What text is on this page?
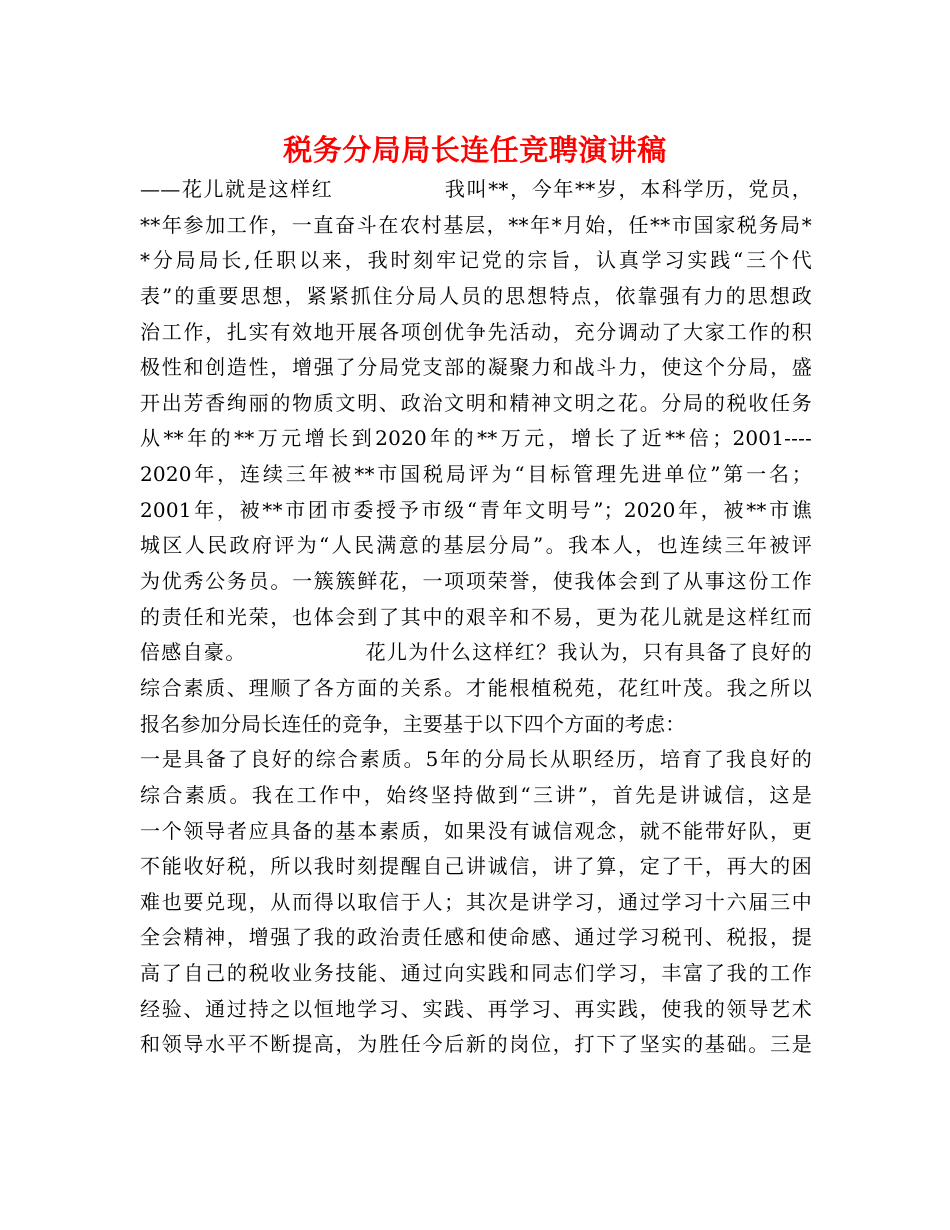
税务分局局长连任竞聘演讲稿
——花儿就是这样红	我叫**，今年**岁，本科学历，党员，
**年参加工作，一直奋斗在农村基层，**年*月始，任**市国家税务局*
*分局局长,任职以来，我时刻牢记党的宗旨，认真学习实践“三个代
表”的重要思想，紧紧抓住分局人员的思想特点，依靠强有力的思想政
治工作，扎实有效地开展各项创优争先活动，充分调动了大家工作的积
极性和创造性，增强了分局党支部的凝聚力和战斗力，使这个分局，盛
开出芳香绚丽的物质文明、政治文明和精神文明之花。分局的税收任务
从**年的**万元增长到2020年的**万元，增长了近**倍；2001----
2020年，连续三年被**市国税局评为“目标管理先进单位”第一名；
2001年，被**市团市委授予市级“青年文明号”；2020年，被**市谯
城区人民政府评为“人民满意的基层分局”。我本人，也连续三年被评
为优秀公务员。一簇簇鲜花，一项项荣誉，使我体会到了从事这份工作
的责任和光荣，也体会到了其中的艰辛和不易，更为花儿就是这样红而
倍感自豪。	花儿为什么这样红？我认为，只有具备了良好的
综合素质、理顺了各方面的关系。才能根植税苑，花红叶茂。我之所以
报名参加分局长连任的竞争，主要基于以下四个方面的考虑：
一是具备了良好的综合素质。5年的分局长从职经历，培育了我良好的
综合素质。我在工作中，始终坚持做到“三讲”，首先是讲诚信，这是
一个领导者应具备的基本素质，如果没有诚信观念，就不能带好队，更
不能收好税，所以我时刻提醒自己讲诚信，讲了算，定了干，再大的困
难也要兑现，从而得以取信于人；其次是讲学习，通过学习十六届三中
全会精神，增强了我的政治责任感和使命感、通过学习税刊、税报，提
高了自己的税收业务技能、通过向实践和同志们学习，丰富了我的工作
经验、通过持之以恒地学习、实践、再学习、再实践，使我的领导艺术
和领导水平不断提高，为胜任今后新的岗位，打下了坚实的基础。三是
